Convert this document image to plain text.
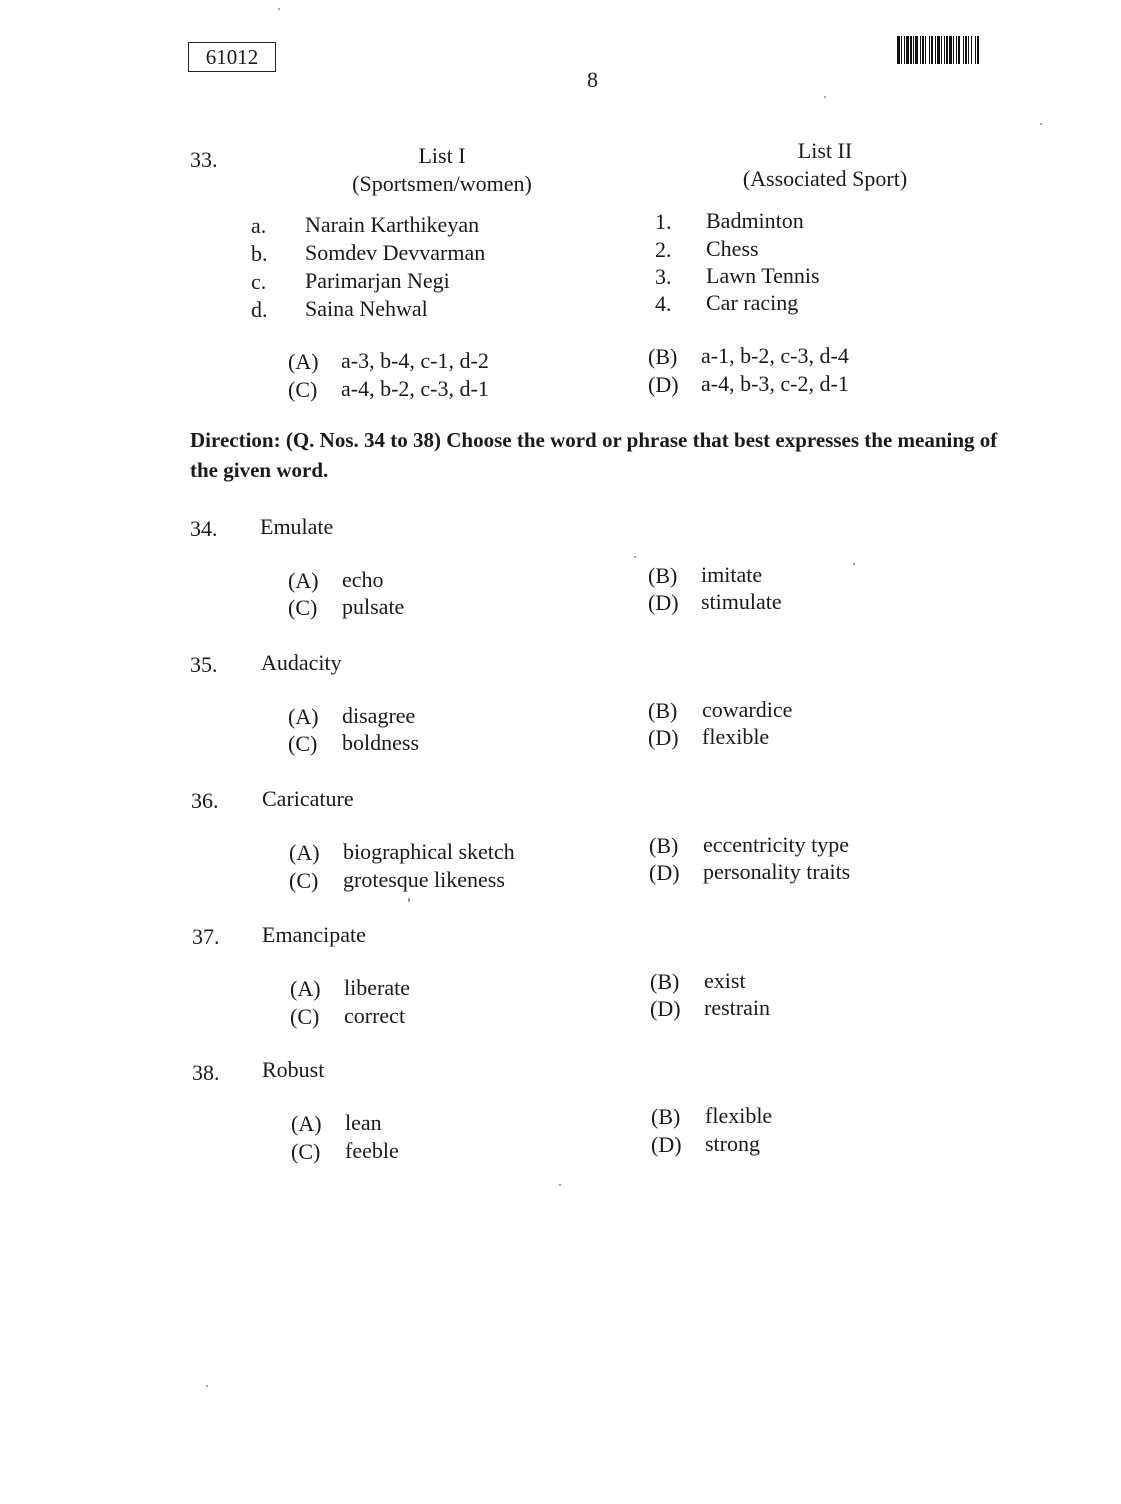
61012
8
33.	List I
(Sportsmen/women)
List II
(Associated Sport)
a.	Narain Karthikeyan
b.	Somdev Devvarman
c.	Parimarjan Negi
d.	Saina Nehwal
1.	Badminton
2.	Chess
3.	Lawn Tennis
4.	Car racing
(A) a-3, b-4, c-1, d-2
(C) a-4, b-2, c-3, d-1
(B) a-1, b-2, c-3, d-4
(D) a-4, b-3, c-2, d-1
Direction: (Q. Nos. 34 to 38) Choose the word or phrase that best expresses the meaning of the given word.
34.	Emulate
(A) echo
(C) pulsate
(B) imitate
(D) stimulate
35.	Audacity
(A) disagree
(C) boldness
(B) cowardice
(D) flexible
36.	Caricature
(A) biographical sketch
(C) grotesque likeness
(B) eccentricity type
(D) personality traits
37.	Emancipate
(A) liberate
(C) correct
(B) exist
(D) restrain
38.	Robust
(A) lean
(C) feeble
(B) flexible
(D) strong
